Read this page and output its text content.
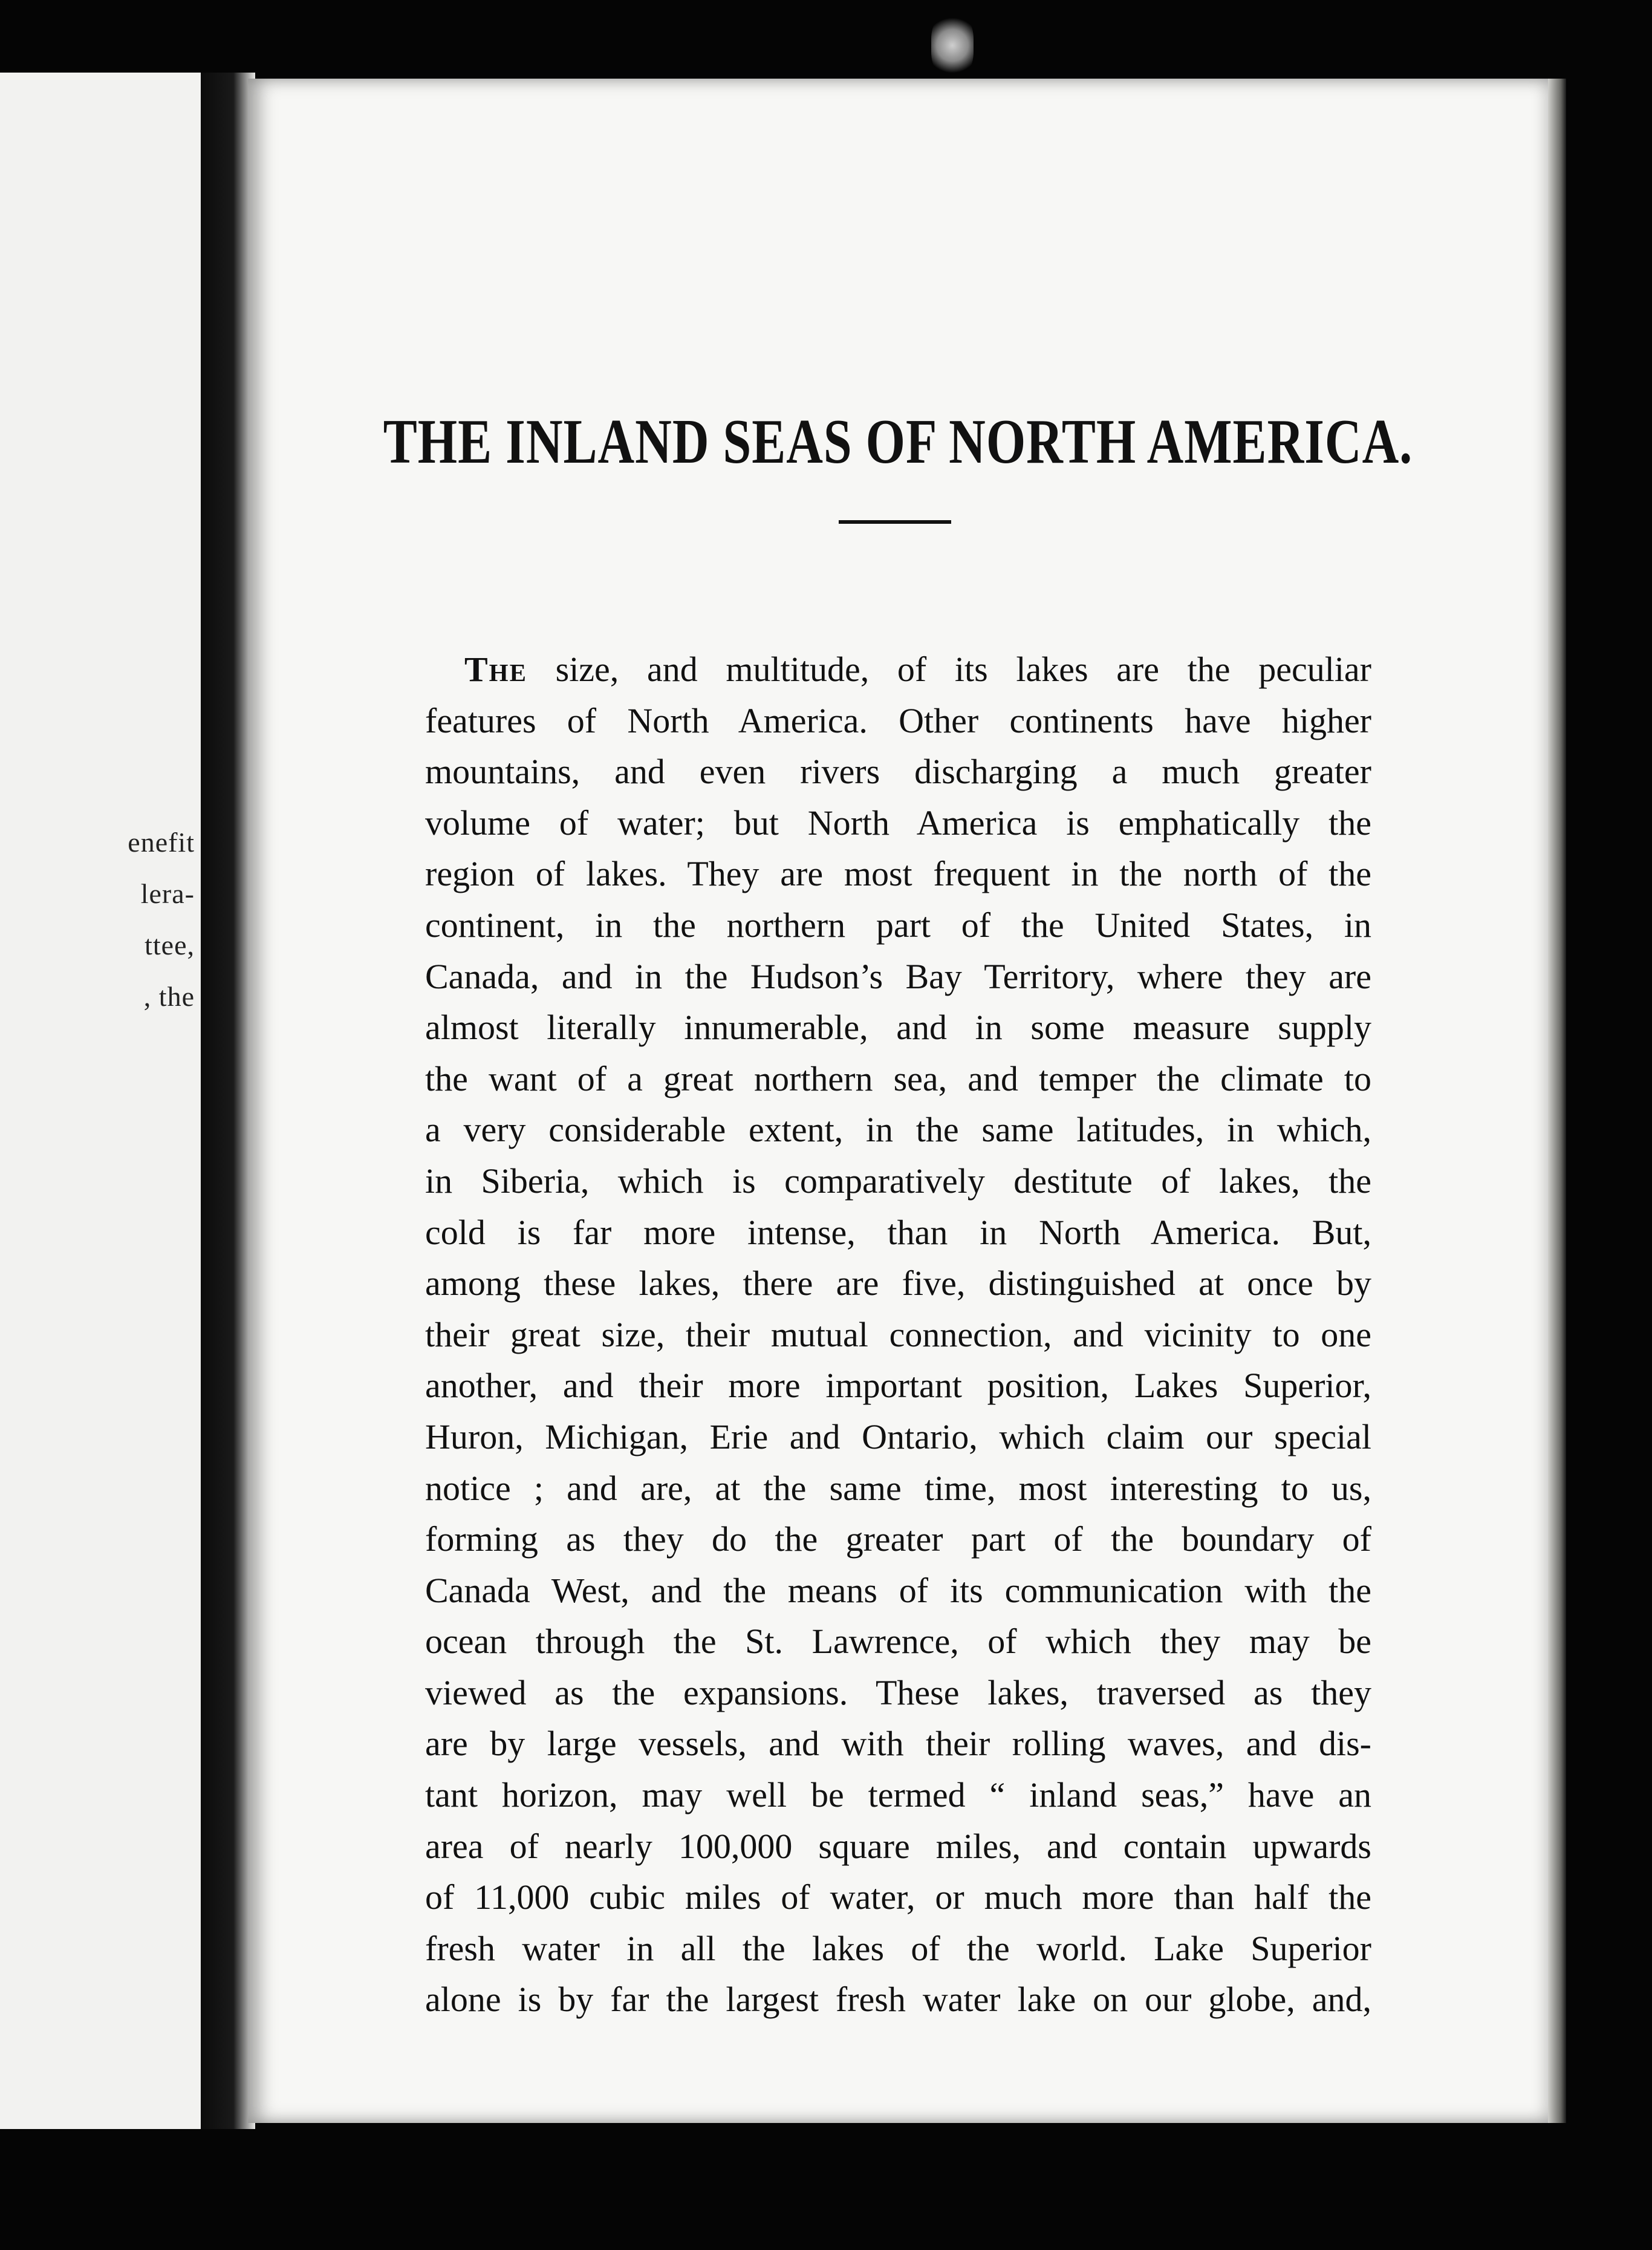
enefit
lera-
ttee,
, the
THE INLAND SEAS OF NORTH AMERICA.
The size, and multitude, of its lakes are the peculiar
features of North America. Other continents have higher
mountains, and even rivers discharging a much greater
volume of water; but North America is emphatically the
region of lakes. They are most frequent in the north of the
continent, in the northern part of the United States, in
Canada, and in the Hudson’s Bay Territory, where they are
almost literally innumerable, and in some measure supply
the want of a great northern sea, and temper the climate to
a very considerable extent, in the same latitudes, in which,
in Siberia, which is comparatively destitute of lakes, the
cold is far more intense, than in North America. But,
among these lakes, there are five, distinguished at once by
their great size, their mutual connection, and vicinity to one
another, and their more important position, Lakes Superior,
Huron, Michigan, Erie and Ontario, which claim our special
notice ; and are, at the same time, most interesting to us,
forming as they do the greater part of the boundary of
Canada West, and the means of its communication with the
ocean through the St. Lawrence, of which they may be
viewed as the expansions. These lakes, traversed as they
are by large vessels, and with their rolling waves, and dis-
tant horizon, may well be termed “ inland seas,” have an
area of nearly 100,000 square miles, and contain upwards
of 11,000 cubic miles of water, or much more than half the
fresh water in all the lakes of the world. Lake Superior
alone is by far the largest fresh water lake on our globe, and,
